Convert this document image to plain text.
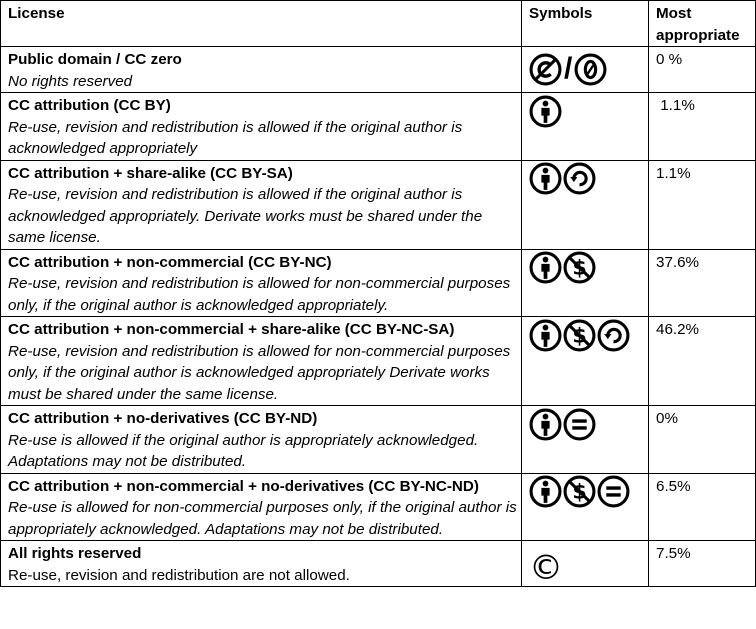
License	Symbols	Most appropriate

Public domain / CC zero
No rights reserved	/	0 %

CC attribution (CC BY)
Re-use, revision and redistribution is allowed if the original author is acknowledged appropriately		1.1%

CC attribution + share-alike (CC BY-SA)
Re-use, revision and redistribution is allowed if the original author is acknowledged appropriately. Derivate works must be shared under the same license.		1.1%

CC attribution + non-commercial (CC BY-NC)
Re-use, revision and redistribution is allowed for non-commercial purposes only, if the original author is acknowledged appropriately.		37.6%

CC attribution + non-commercial + share-alike (CC BY-NC-SA)
Re-use, revision and redistribution is allowed for non-commercial purposes only, if the original author is acknowledged appropriately Derivate works must be shared under the same license.		46.2%

CC attribution + no-derivatives (CC BY-ND)
Re-use is allowed if the original author is appropriately acknowledged. Adaptations may not be distributed.		0%

CC attribution + non-commercial + no-derivatives (CC BY-NC-ND)
Re-use is allowed for non-commercial purposes only, if the original author is appropriately acknowledged. Adaptations may not be distributed.		6.5%

All rights reserved
Re-use, revision and redistribution are not allowed.	©	7.5%
